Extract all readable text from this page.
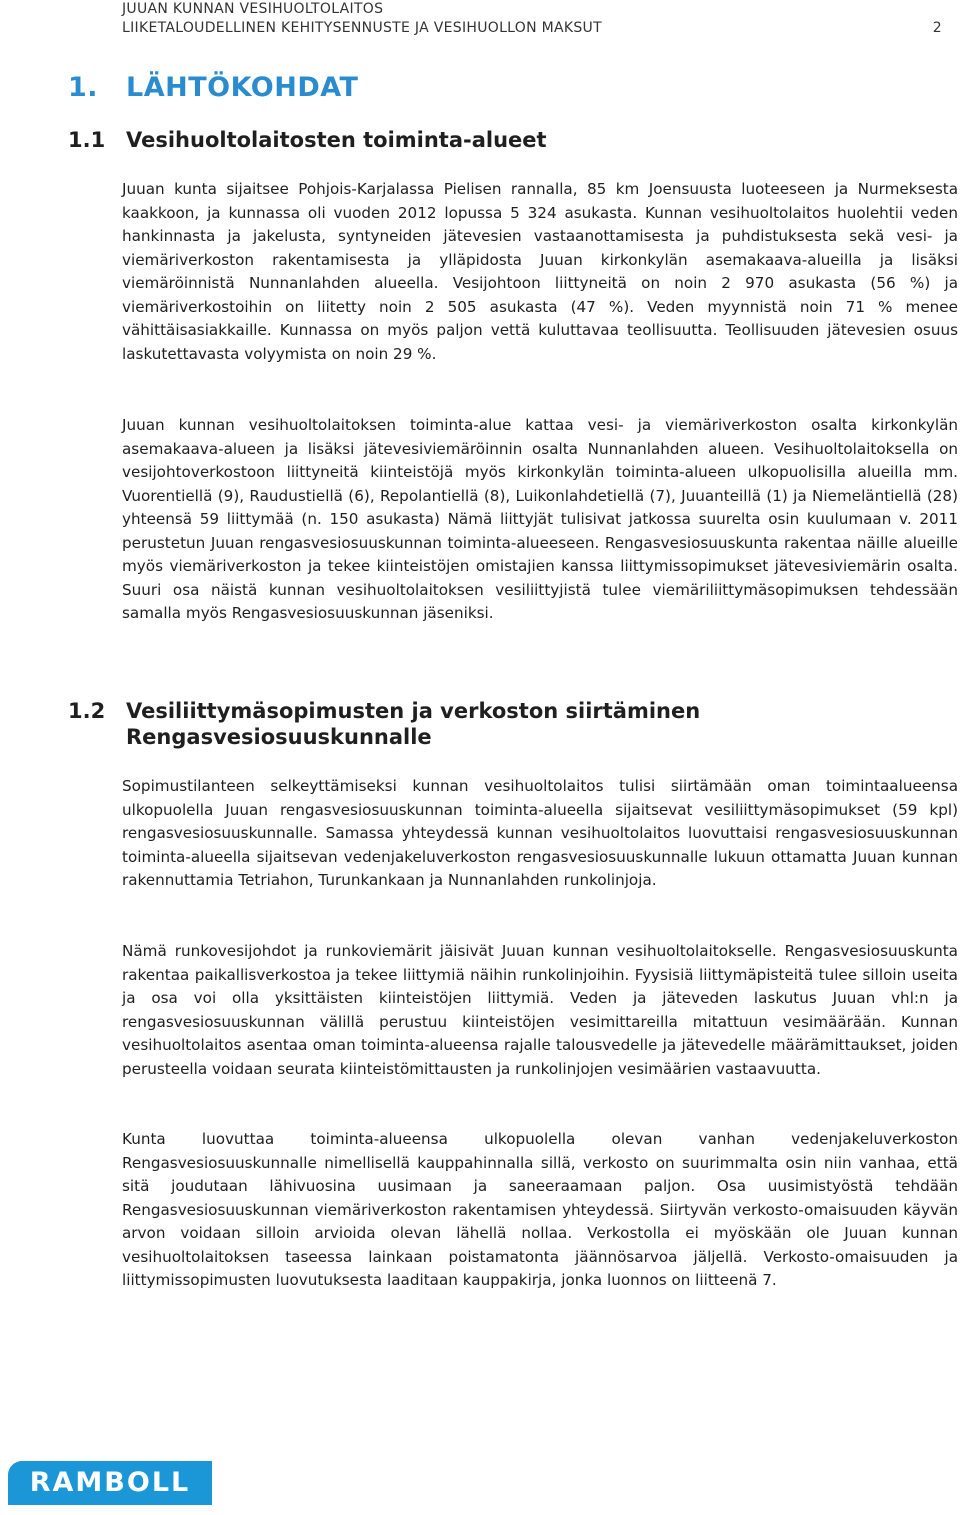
JUUAN KUNNAN VESIHUOLTOLAITOS
LIIKETALOUDELLINEN KEHITYSENNUSTE JA VESIHUOLLON MAKSUT	2
1. LÄHTÖKOHDAT
1.1 Vesihuoltolaitosten toiminta-alueet

Juuan kunta sijaitsee Pohjois-Karjalassa Pielisen rannalla, 85 km Joensuusta luoteeseen ja Nurmeksesta kaakkoon, ja kunnassa oli vuoden 2012 lopussa 5 324 asukasta. Kunnan vesihuoltolaitos huolehtii veden hankinnasta ja jakelusta, syntyneiden jätevesien vastaanottamisesta ja puhdistuksesta sekä vesi- ja viemäriverkoston rakentamisesta ja ylläpidosta Juuan kirkonkylän asemakaava-alueilla ja lisäksi viemäröinnistä Nunnanlahden alueella. Vesijohtoon liittyneitä on noin 2 970 asukasta (56 %) ja viemäriverkostoihin on liitetty noin 2 505 asukasta (47 %). Veden myynnistä noin 71 % menee vähittäisasiakkaille. Kunnassa on myös paljon vettä kuluttavaa teollisuutta. Teollisuuden jätevesien osuus laskutettavasta volyymista on noin 29 %.

Juuan kunnan vesihuoltolaitoksen toiminta-alue kattaa vesi- ja viemäriverkoston osalta kirkonkylän asemakaava-alueen ja lisäksi jätevesiviemäröinnin osalta Nunnanlahden alueen. Vesihuoltolaitoksella on vesijohtoverkostoon liittyneitä kiinteistöjä myös kirkonkylän toiminta-alueen ulkopuolisilla alueilla mm. Vuorentiellä (9), Raudustiellä (6), Repolantiellä (8), Luikonlahdetiellä (7), Juuanteillä (1) ja Niemeläntiellä (28) yhteensä 59 liittymää (n. 150 asukasta) Nämä liittyjät tulisivat jatkossa suurelta osin kuulumaan v. 2011 perustetun Juuan rengasvesiosuuskunnan toiminta-alueeseen. Rengasvesiosuuskunta rakentaa näille alueille myös viemäriverkoston ja tekee kiinteistöjen omistajien kanssa liittymissopimukset jätevesiviemärin osalta. Suuri osa näistä kunnan vesihuoltolaitoksen vesiliittyjistä tulee viemäriliittymäsopimuksen tehdessään samalla myös Rengasvesiosuuskunnan jäseniksi.

1.2 Vesiliittymäsopimusten ja verkoston siirtäminen Rengasvesiosuuskunnalle

Sopimustilanteen selkeyttämiseksi kunnan vesihuoltolaitos tulisi siirtämään oman toimintaalueensa ulkopuolella Juuan rengasvesiosuuskunnan toiminta-alueella sijaitsevat vesiliittymäsopimukset (59 kpl) rengasvesiosuuskunnalle. Samassa yhteydessä kunnan vesihuoltolaitos luovuttaisi rengasvesiosuuskunnan toiminta-alueella sijaitsevan vedenjakeluverkoston rengasvesiosuuskunnalle lukuun ottamatta Juuan kunnan rakennuttamia Tetriahon, Turunkankaan ja Nunnanlahden runkolinjoja.

Nämä runkovesijohdot ja runkoviemärit jäisivät Juuan kunnan vesihuoltolaitokselle. Rengasvesiosuuskunta rakentaa paikallisverkostoa ja tekee liittymiä näihin runkolinjoihin. Fyysisiä liittymäpisteitä tulee silloin useita ja osa voi olla yksittäisten kiinteistöjen liittymiä. Veden ja jäteveden laskutus Juuan vhl:n ja rengasvesiosuuskunnan välillä perustuu kiinteistöjen vesimittareilla mitattuun vesimäärään. Kunnan vesihuoltolaitos asentaa oman toiminta-alueensa rajalle talousvedelle ja jätevedelle määrämittaukset, joiden perusteella voidaan seurata kiinteistömittausten ja runkolinjojen vesimäärien vastaavuutta.

Kunta luovuttaa toiminta-alueensa ulkopuolella olevan vanhan vedenjakeluverkoston Rengasvesiosuuskunnalle nimellisellä kauppahinnalla sillä, verkosto on suurimmalta osin niin vanhaa, että sitä joudutaan lähivuosina uusimaan ja saneeraamaan paljon. Osa uusimistyöstä tehdään Rengasvesiosuuskunnan viemäriverkoston rakentamisen yhteydessä. Siirtyvän verkosto-omaisuuden käyvän arvon voidaan silloin arvioida olevan lähellä nollaa. Verkostolla ei myöskään ole Juuan kunnan vesihuoltolaitoksen taseessa lainkaan poistamatonta jäännösarvoa jäljellä. Verkosto-omaisuuden ja liittymissopimusten luovutuksesta laaditaan kauppakirja, jonka luonnos on liitteenä 7.

RAMBOLL
